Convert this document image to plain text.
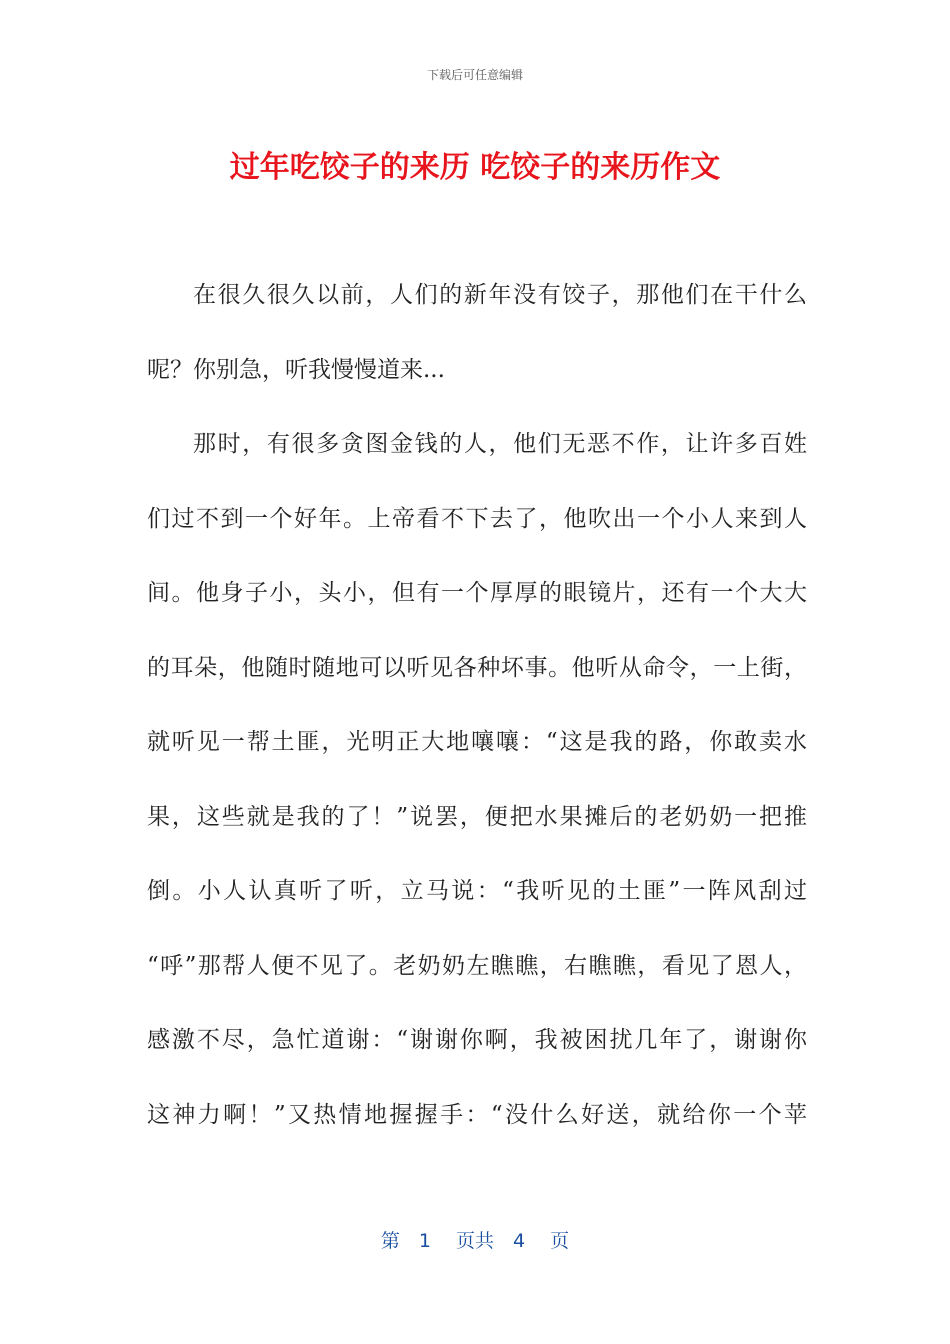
下载后可任意编辑
过年吃饺子的来历 吃饺子的来历作文
在很久很久以前，人们的新年没有饺子，那他们在干什么
呢？你别急，听我慢慢道来...
那时，有很多贪图金钱的人，他们无恶不作，让许多百姓
们过不到一个好年。上帝看不下去了，他吹出一个小人来到人
间。他身子小，头小，但有一个厚厚的眼镜片，还有一个大大
的耳朵，他随时随地可以听见各种坏事。他听从命令，一上街，
就听见一帮土匪，光明正大地嚷嚷：“这是我的路，你敢卖水
果，这些就是我的了！”说罢，便把水果摊后的老奶奶一把推
倒。小人认真听了听，立马说：“我听见的土匪”一阵风刮过
“呼”那帮人便不见了。老奶奶左瞧瞧，右瞧瞧，看见了恩人，
感激不尽，急忙道谢：“谢谢你啊，我被困扰几年了，谢谢你
这神力啊！”又热情地握握手：“没什么好送，就给你一个苹
第　1　 页共　4　 页
